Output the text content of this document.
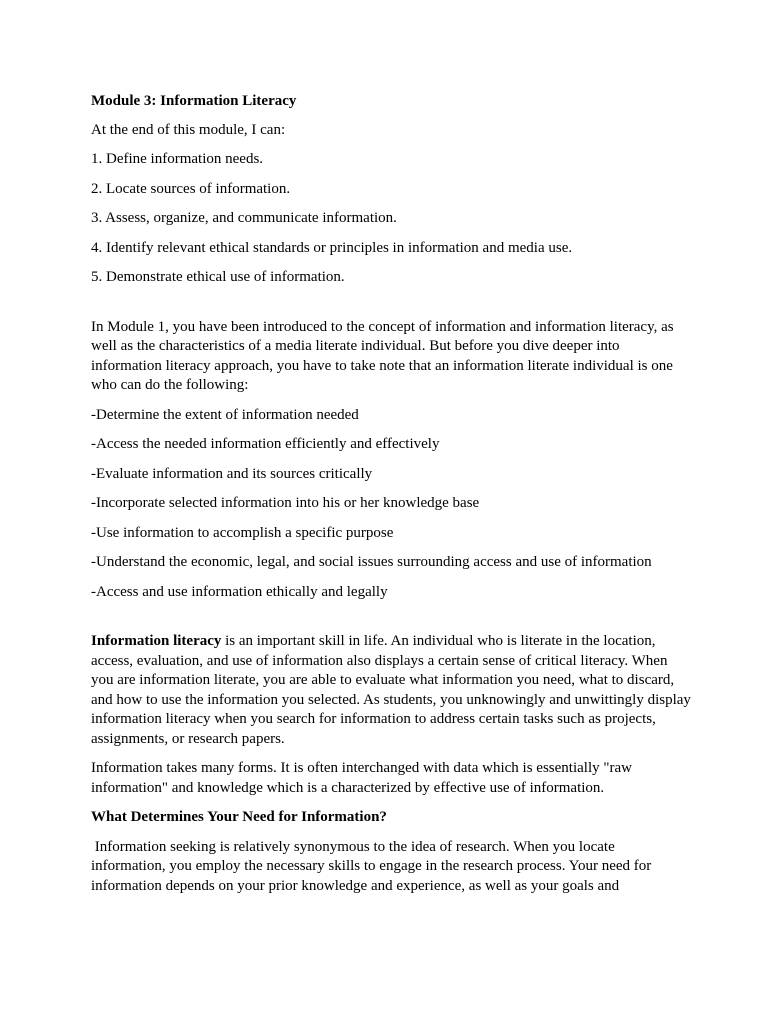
Module 3: Information Literacy

At the end of this module, I can:

1. Define information needs.

2. Locate sources of information.

3. Assess, organize, and communicate information.

4. Identify relevant ethical standards or principles in information and media use.

5. Demonstrate ethical use of information.

In Module 1, you have been introduced to the concept of information and information literacy, as well as the characteristics of a media literate individual. But before you dive deeper into information literacy approach, you have to take note that an information literate individual is one who can do the following:

-Determine the extent of information needed

-Access the needed information efficiently and effectively

-Evaluate information and its sources critically

-Incorporate selected information into his or her knowledge base

-Use information to accomplish a specific purpose

-Understand the economic, legal, and social issues surrounding access and use of information

-Access and use information ethically and legally

Information literacy is an important skill in life. An individual who is literate in the location, access, evaluation, and use of information also displays a certain sense of critical literacy. When you are information literate, you are able to evaluate what information you need, what to discard, and how to use the information you selected. As students, you unknowingly and unwittingly display information literacy when you search for information to address certain tasks such as projects, assignments, or research papers.

Information takes many forms. It is often interchanged with data which is essentially "raw information" and knowledge which is a characterized by effective use of information.

What Determines Your Need for Information?

Information seeking is relatively synonymous to the idea of research. When you locate information, you employ the necessary skills to engage in the research process. Your need for information depends on your prior knowledge and experience, as well as your goals and
